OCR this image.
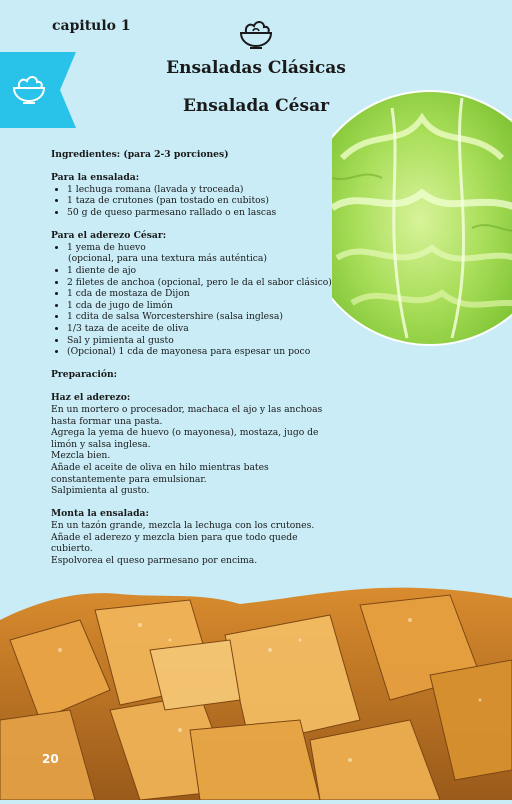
capitulo 1
Ensaladas Clásicas
Ensalada César

Ingredientes: (para 2-3 porciones)

Para la ensalada:

• 1 lechuga romana (lavada y troceada)
• 1 taza de crutones (pan tostado en cubitos)
• 50 g de queso parmesano rallado o en lascas

Para el aderezo César:

• 1 yema de huevo

(opcional, para una textura más auténtica)

• 1 diente de ajo
• 2 filetes de anchoa (opcional, pero le da el sabor clásico)
• 1 cda de mostaza de Dijon
• 1 cda de jugo de limón
• 1 cdita de salsa Worcestershire (salsa inglesa)
• 1/3 taza de aceite de oliva
• Sal y pimienta al gusto
• (Opcional) 1 cda de mayonesa para espesar un poco

Preparación:

Haz el aderezo:

En un mortero o procesador, machaca el ajo y las anchoas hasta formar una pasta.

Agrega la yema de huevo (o mayonesa), mostaza, jugo de limón y salsa inglesa.

Mezcla bien.

Añade el aceite de oliva en hilo mientras bates constantemente para emulsionar.

Salpimienta al gusto.

Monta la ensalada:

En un tazón grande, mezcla la lechuga con los crutones.

Añade el aderezo y mezcla bien para que todo quede cubierto.

Espolvorea el queso parmesano por encima.

20
